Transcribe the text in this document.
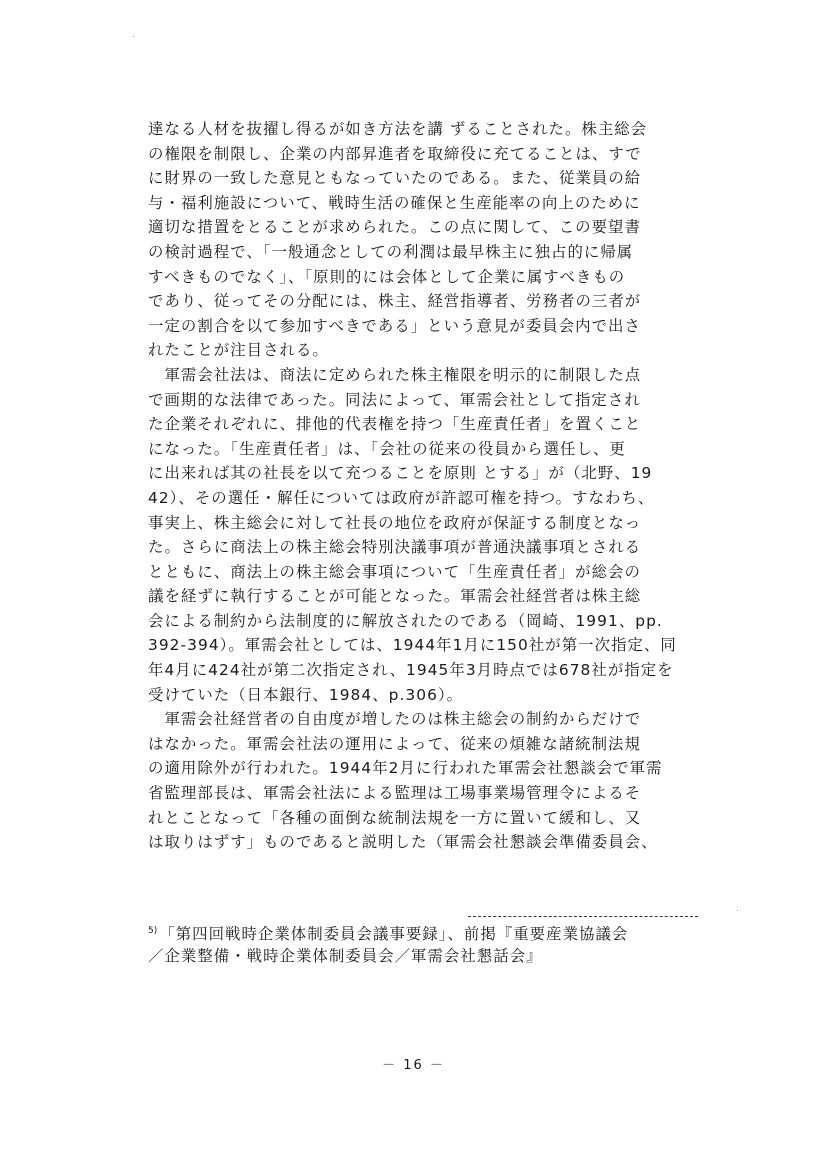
達なる人材を抜擢し得るが如き方法を講 ずることされた。株主総会
の権限を制限し、企業の内部昇進者を取締役に充てることは、すで
に財界の一致した意見ともなっていたのである。また、従業員の給
与・福利施設について、戦時生活の確保と生産能率の向上のために
適切な措置をとることが求められた。この点に関して、この要望書
の検討過程で、「一般通念としての利潤は最早株主に独占的に帰属
すべきものでなく」、「原則的には会体として企業に属すべきもの
であり、従ってその分配には、株主、経営指導者、労務者の三者が
一定の割合を以て参加すべきである」という意見が委員会内で出さ
れたことが注目される。
　軍需会社法は、商法に定められた株主権限を明示的に制限した点
で画期的な法律であった。同法によって、軍需会社として指定され
た企業それぞれに、排他的代表権を持つ「生産責任者」を置くこと
になった。「生産責任者」は、「会社の従来の役員から選任し、更
に出来れば其の社長を以て充つることを原則 とする」が（北野、19
42）、その選任・解任については政府が許認可権を持つ。すなわち、
事実上、株主総会に対して社長の地位を政府が保証する制度となっ
た。さらに商法上の株主総会特別決議事項が普通決議事項とされる
とともに、商法上の株主総会事項について「生産責任者」が総会の
議を経ずに執行することが可能となった。軍需会社経営者は株主総
会による制約から法制度的に解放されたのである（岡崎、1991、pp.
392-394）。軍需会社としては、1944年1月に150社が第一次指定、同
年4月に424社が第二次指定され、1945年3月時点では678社が指定を
受けていた（日本銀行、1984、p.306）。
　軍需会社経営者の自由度が増したのは株主総会の制約からだけで
はなかった。軍需会社法の運用によって、従来の煩雑な諸統制法規
の適用除外が行われた。1944年2月に行われた軍需会社懇談会で軍需
省監理部長は、軍需会社法による監理は工場事業場管理令によるそ
れとことなって「各種の面倒な統制法規を一方に置いて緩和し、又
は取りはずす」ものであると説明した（軍需会社懇談会準備委員会、
$^{5)}$ 「第四回戦時企業体制委員会議事要録」、前掲『重要産業協議会
／企業整備・戦時企業体制委員会／軍需会社懇話会』
－ 16 －
